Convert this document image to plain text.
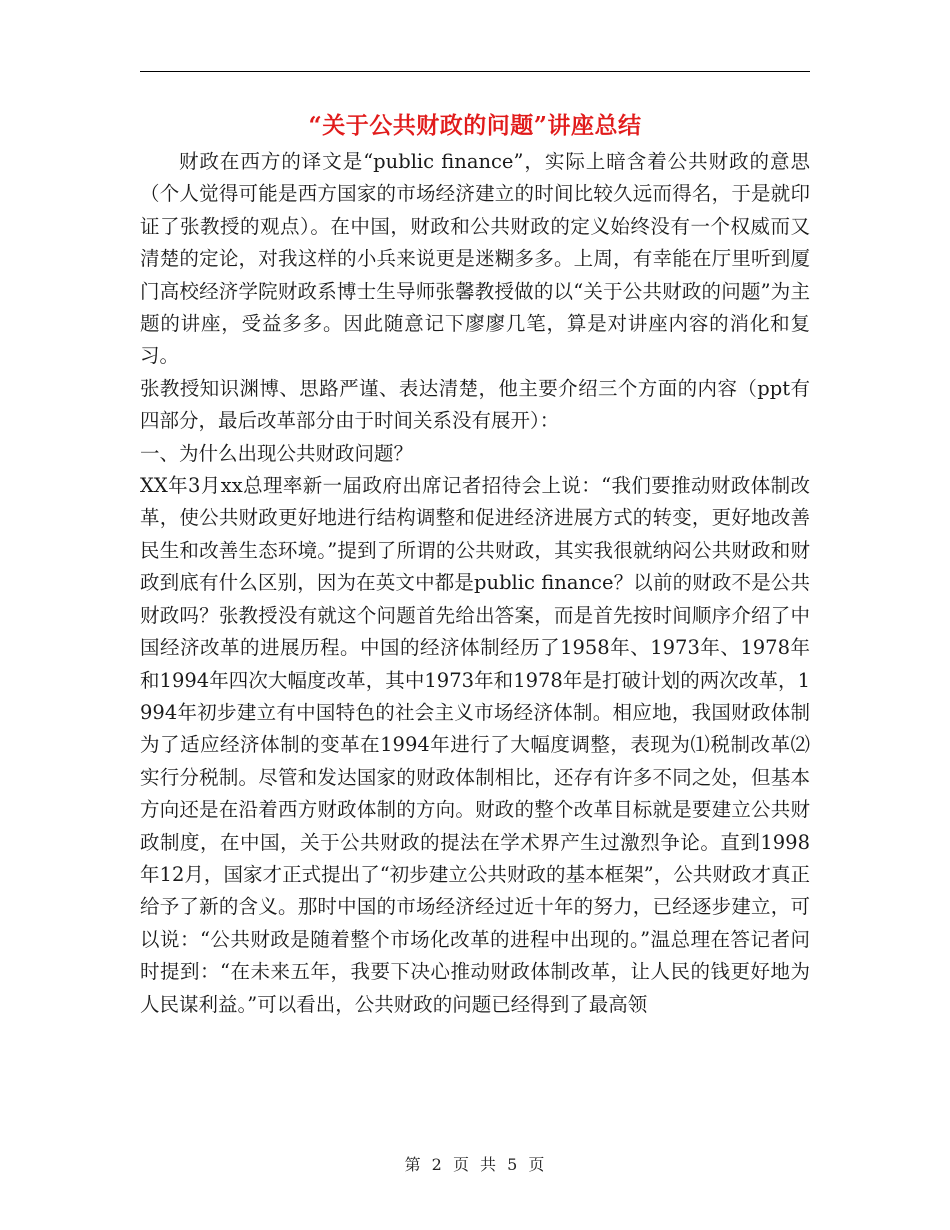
“关于公共财政的问题”讲座总结

财政在西方的译文是“public finance”，实际上暗含着公共财政的意思（个人觉得可能是西方国家的市场经济建立的时间比较久远而得名，于是就印证了张教授的观点）。在中国，财政和公共财政的定义始终没有一个权威而又清楚的定论，对我这样的小兵来说更是迷糊多多。上周，有幸能在厅里听到厦门高校经济学院财政系博士生导师张馨教授做的以“关于公共财政的问题”为主题的讲座，受益多多。因此随意记下廖廖几笔，算是对讲座内容的消化和复习。

张教授知识渊博、思路严谨、表达清楚，他主要介绍三个方面的内容（ppt有四部分，最后改革部分由于时间关系没有展开）：

一、为什么出现公共财政问题？

XX年3月xx总理率新一届政府出席记者招待会上说：“我们要推动财政体制改革，使公共财政更好地进行结构调整和促进经济进展方式的转变，更好地改善民生和改善生态环境。”提到了所谓的公共财政，其实我很就纳闷公共财政和财政到底有什么区别，因为在英文中都是public finance？以前的财政不是公共财政吗？张教授没有就这个问题首先给出答案，而是首先按时间顺序介绍了中国经济改革的进展历程。中国的经济体制经历了1958年、1973年、1978年和1994年四次大幅度改革，其中1973年和1978年是打破计划的两次改革，1994年初步建立有中国特色的社会主义市场经济体制。相应地，我国财政体制为了适应经济体制的变革在1994年进行了大幅度调整，表现为⑴税制改革⑵实行分税制。尽管和发达国家的财政体制相比，还存有许多不同之处，但基本方向还是在沿着西方财政体制的方向。财政的整个改革目标就是要建立公共财政制度，在中国，关于公共财政的提法在学术界产生过激烈争论。直到1998年12月，国家才正式提出了“初步建立公共财政的基本框架”，公共财政才真正给予了新的含义。那时中国的市场经济经过近十年的努力，已经逐步建立，可以说：“公共财政是随着整个市场化改革的进程中出现的。”温总理在答记者问时提到：“在未来五年，我要下决心推动财政体制改革，让人民的钱更好地为人民谋利益。”可以看出，公共财政的问题已经得到了最高领

第 2 页 共 5 页
